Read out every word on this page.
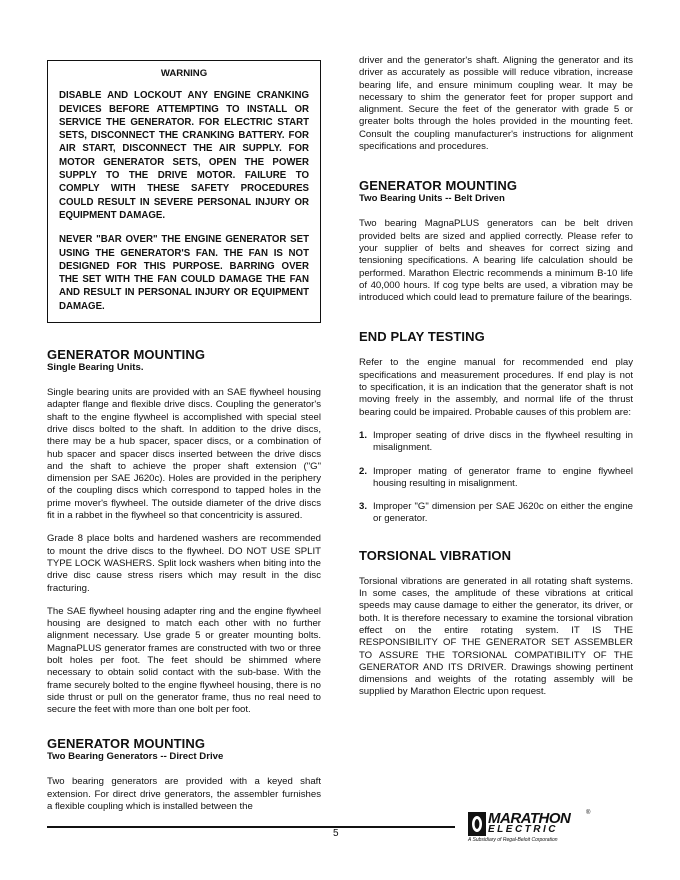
WARNING

DISABLE AND LOCKOUT ANY ENGINE CRANKING DEVICES BEFORE ATTEMPTING TO INSTALL OR SERVICE THE GENERATOR. FOR ELECTRIC START SETS, DISCONNECT THE CRANKING BATTERY. FOR AIR START, DISCONNECT THE AIR SUPPLY. FOR MOTOR GENERATOR SETS, OPEN THE POWER SUPPLY TO THE DRIVE MOTOR. FAILURE TO COMPLY WITH THESE SAFETY PROCEDURES COULD RESULT IN SEVERE PERSONAL INJURY OR EQUIPMENT DAMAGE.

NEVER "BAR OVER" THE ENGINE GENERATOR SET USING THE GENERATOR'S FAN. THE FAN IS NOT DESIGNED FOR THIS PURPOSE. BARRING OVER THE SET WITH THE FAN COULD DAMAGE THE FAN AND RESULT IN PERSONAL INJURY OR EQUIPMENT DAMAGE.

GENERATOR MOUNTING
Single Bearing Units.

Single bearing units are provided with an SAE flywheel housing adapter flange and flexible drive discs. Coupling the generator's shaft to the engine flywheel is accomplished with special steel drive discs bolted to the shaft. In addition to the drive discs, there may be a hub spacer, spacer discs, or a combination of hub spacer and spacer discs inserted between the drive discs and the shaft to achieve the proper shaft extension ("G" dimension per SAE J620c). Holes are provided in the periphery of the coupling discs which correspond to tapped holes in the prime mover's flywheel. The outside diameter of the drive discs fit in a rabbet in the flywheel so that concentricity is assured.

Grade 8 place bolts and hardened washers are recommended to mount the drive discs to the flywheel. DO NOT USE SPLIT TYPE LOCK WASHERS. Split lock washers when biting into the drive disc cause stress risers which may result in the disc fracturing.

The SAE flywheel housing adapter ring and the engine flywheel housing are designed to match each other with no further alignment necessary. Use grade 5 or greater mounting bolts. MagnaPLUS generator frames are constructed with two or three bolt holes per foot. The feet should be shimmed where necessary to obtain solid contact with the sub-base. With the frame securely bolted to the engine flywheel housing, there is no side thrust or pull on the generator frame, thus no real need to secure the feet with more than one bolt per foot.

GENERATOR MOUNTING
Two Bearing Generators -- Direct Drive

Two bearing generators are provided with a keyed shaft extension. For direct drive generators, the assembler furnishes a flexible coupling which is installed between the

driver and the generator's shaft. Aligning the generator and its driver as accurately as possible will reduce vibration, increase bearing life, and ensure minimum coupling wear. It may be necessary to shim the generator feet for proper support and alignment. Secure the feet of the generator with grade 5 or greater bolts through the holes provided in the mounting feet. Consult the coupling manufacturer's instructions for alignment specifications and procedures.

GENERATOR MOUNTING
Two Bearing Units -- Belt Driven

Two bearing MagnaPLUS generators can be belt driven provided belts are sized and applied correctly. Please refer to your supplier of belts and sheaves for correct sizing and tensioning specifications. A bearing life calculation should be performed. Marathon Electric recommends a minimum B-10 life of 40,000 hours. If cog type belts are used, a vibration may be introduced which could lead to premature failure of the bearings.

END PLAY TESTING

Refer to the engine manual for recommended end play specifications and measurement procedures. If end play is not to specification, it is an indication that the generator shaft is not moving freely in the assembly, and normal life of the thrust bearing could be impaired. Probable causes of this problem are:

1. Improper seating of drive discs in the flywheel resulting in misalignment.
2. Improper mating of generator frame to engine flywheel housing resulting in misalignment.
3. Improper "G" dimension per SAE J620c on either the engine or generator.
TORSIONAL VIBRATION

Torsional vibrations are generated in all rotating shaft systems. In some cases, the amplitude of these vibrations at critical speeds may cause damage to either the generator, its driver, or both. It is therefore necessary to examine the torsional vibration effect on the entire rotating system. IT IS THE RESPONSIBILITY OF THE GENERATOR SET ASSEMBLER TO ASSURE THE TORSIONAL COMPATIBILITY OF THE GENERATOR AND ITS DRIVER. Drawings showing pertinent dimensions and weights of the rotating assembly will be supplied by Marathon Electric upon request.

5
MARATHON
ELECTRIC
®
A Subsidiary of Regal-Beloit Corporation
